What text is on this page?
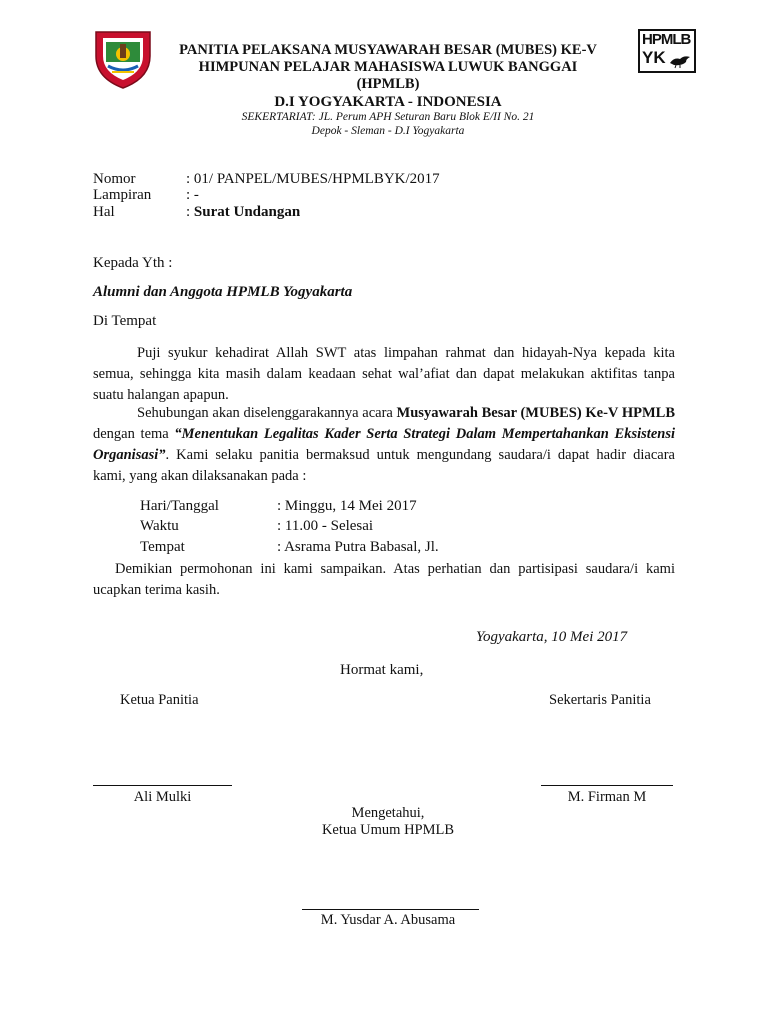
HPMLB
YK
PANITIA PELAKSANA MUSYAWARAH BESAR (MUBES) KE-V
HIMPUNAN PELAJAR MAHASISWA LUWUK BANGGAI
(HPMLB)
D.I YOGYAKARTA - INDONESIA
SEKERTARIAT: JL. Perum APH Seturan Baru Blok E/II No. 21
Depok - Sleman - D.I Yogyakarta
Nomor	: 01/ PANPEL/MUBES/HPMLBYK/2017
Lampiran : -
Hal	: Surat Undangan
Kepada Yth :
Alumni dan Anggota HPMLB Yogyakarta
Di Tempat
Puji syukur kehadirat Allah SWT atas limpahan rahmat dan hidayah-Nya kepada kita semua, sehingga kita masih dalam keadaan sehat wal’afiat dan dapat melakukan aktifitas tanpa suatu halangan apapun.
Sehubungan akan diselenggarakannya acara Musyawarah Besar (MUBES) Ke-V HPMLB dengan tema “Menentukan Legalitas Kader Serta Strategi Dalam Mempertahankan Eksistensi Organisasi”. Kami selaku panitia bermaksud untuk mengundang saudara/i dapat hadir diacara kami, yang akan dilaksanakan pada :
Hari/Tanggal	: Minggu, 14 Mei 2017
Waktu	: 11.00 - Selesai
Tempat	: Asrama Putra Babasal, Jl.
Demikian permohonan ini kami sampaikan. Atas perhatian dan partisipasi saudara/i kami ucapkan terima kasih.
Yogyakarta, 10 Mei 2017
Hormat kami,
Ketua Panitia	Sekertaris Panitia
Ali Mulki	M. Firman M
Mengetahui,
Ketua Umum HPMLB
M. Yusdar A. Abusama
